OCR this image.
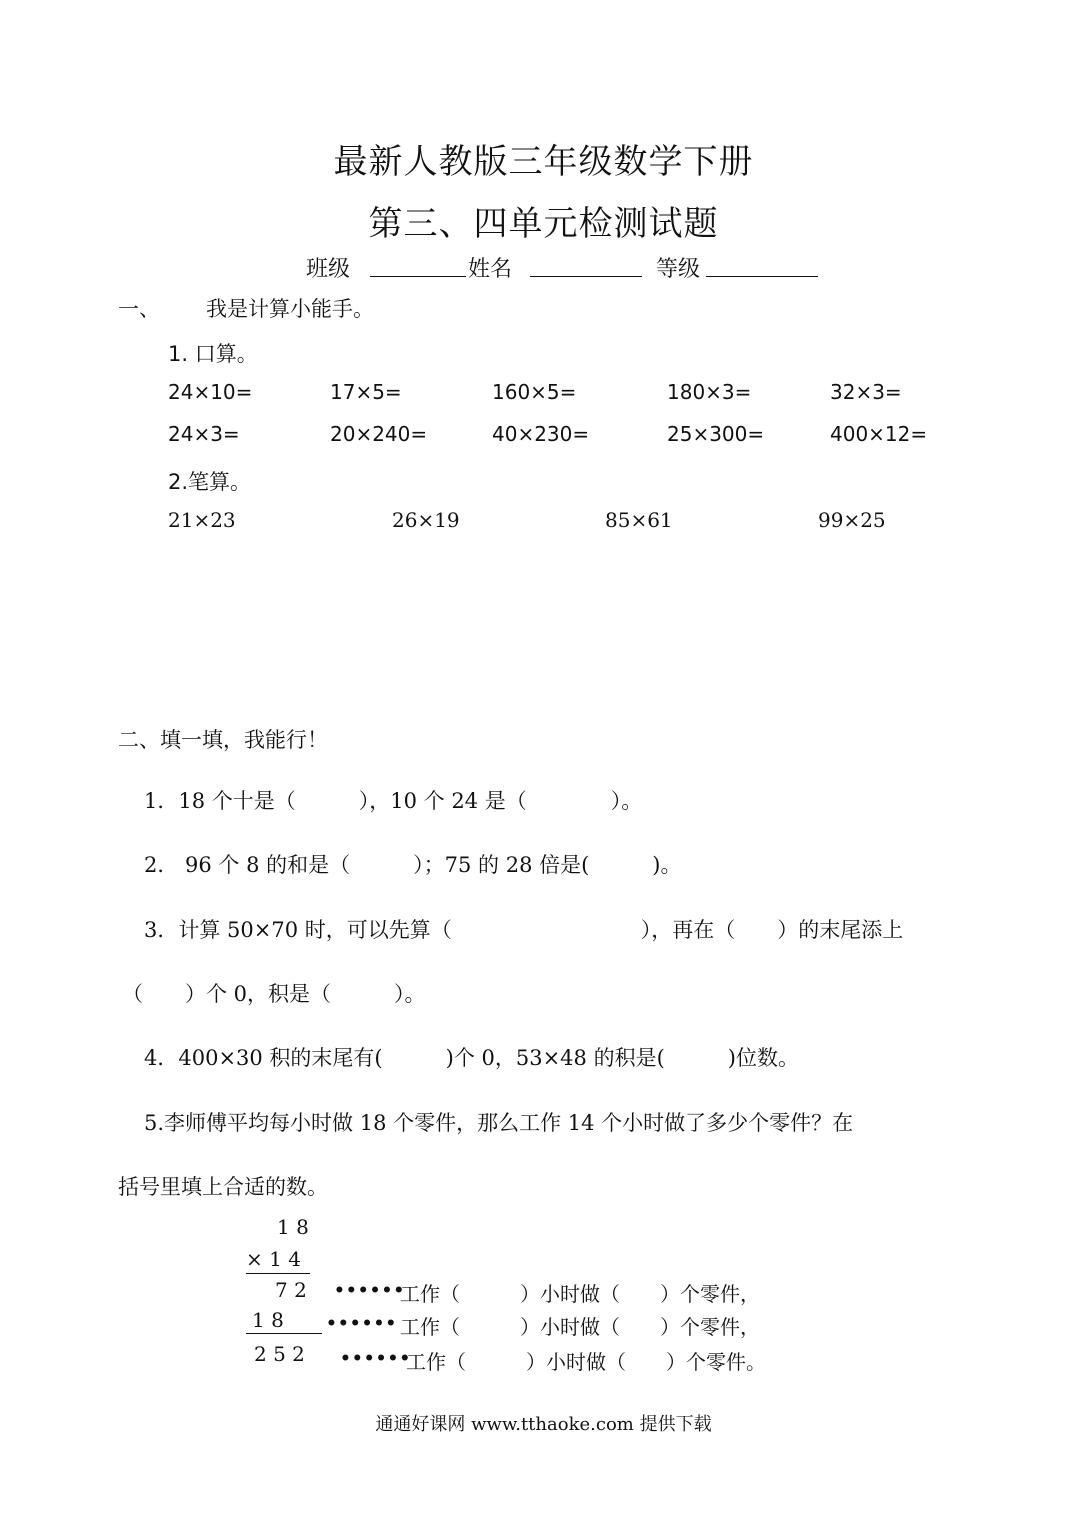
最新人教版三年级数学下册
第三、四单元检测试题
班级	姓名	等级
一、 我是计算小能手。
1. 口算。
24×10=	17×5=	160×5=	180×3=	32×3=
24×3=	20×240=	40×230=	25×300=	400×12=
2.笔算。
21×23	26×19	85×61	99×25
二、填一填，我能行！
1．18 个十是（　　　），10 个 24 是（　　　　）。
2． 96 个 8 的和是（　　　）；75 的 28 倍是(　　　)。
3．计算 50×70 时，可以先算（　　　　　　　　　），再在（　　）的末尾添上
（　　）个 0，积是（　　　）。
4．400×30 积的末尾有(　　　)个 0，53×48 的积是(　　　)位数。
5.李师傅平均每小时做 18 个零件，那么工作 14 个小时做了多少个零件？在
括号里填上合适的数。
1 8
× 1 4
7 2
1 8
2 5 2
••••••
••••••
••••••
工作（　　　）小时做（　　）个零件，
工作（　　　）小时做（　　）个零件，
工作（　　　）小时做（　　）个零件。
通通好课网 www.tthaoke.com 提供下载
